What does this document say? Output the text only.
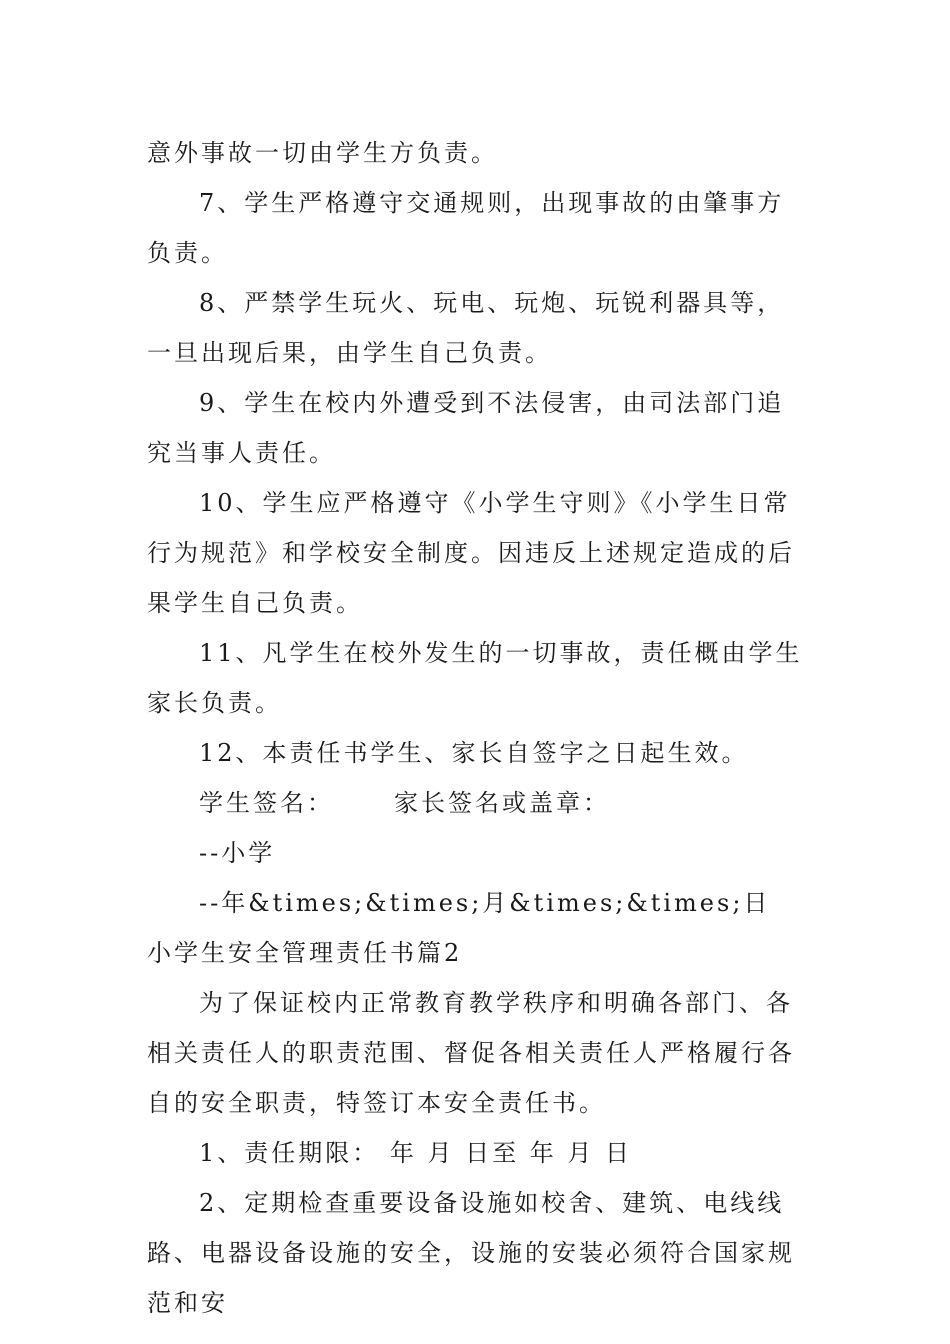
意外事故一切由学生方负责。

7、学生严格遵守交通规则，出现事故的由肇事方负责。

8、严禁学生玩火、玩电、玩炮、玩锐利器具等，一旦出现后果，由学生自己负责。

9、学生在校内外遭受到不法侵害，由司法部门追究当事人责任。

10、学生应严格遵守《小学生守则》《小学生日常行为规范》和学校安全制度。因违反上述规定造成的后果学生自己负责。

11、凡学生在校外发生的一切事故，责任概由学生家长负责。

12、本责任书学生、家长自签字之日起生效。

学生签名：	家长签名或盖章：

--小学

--年&times;&times;月&times;&times;日

小学生安全管理责任书篇2

为了保证校内正常教育教学秩序和明确各部门、各相关责任人的职责范围、督促各相关责任人严格履行各自的安全职责，特签订本安全责任书。

1、责任期限： 年 月 日至 年 月 日

2、定期检查重要设备设施如校舍、建筑、电线线路、电器设备设施的安全，设施的安装必须符合国家规范和安
